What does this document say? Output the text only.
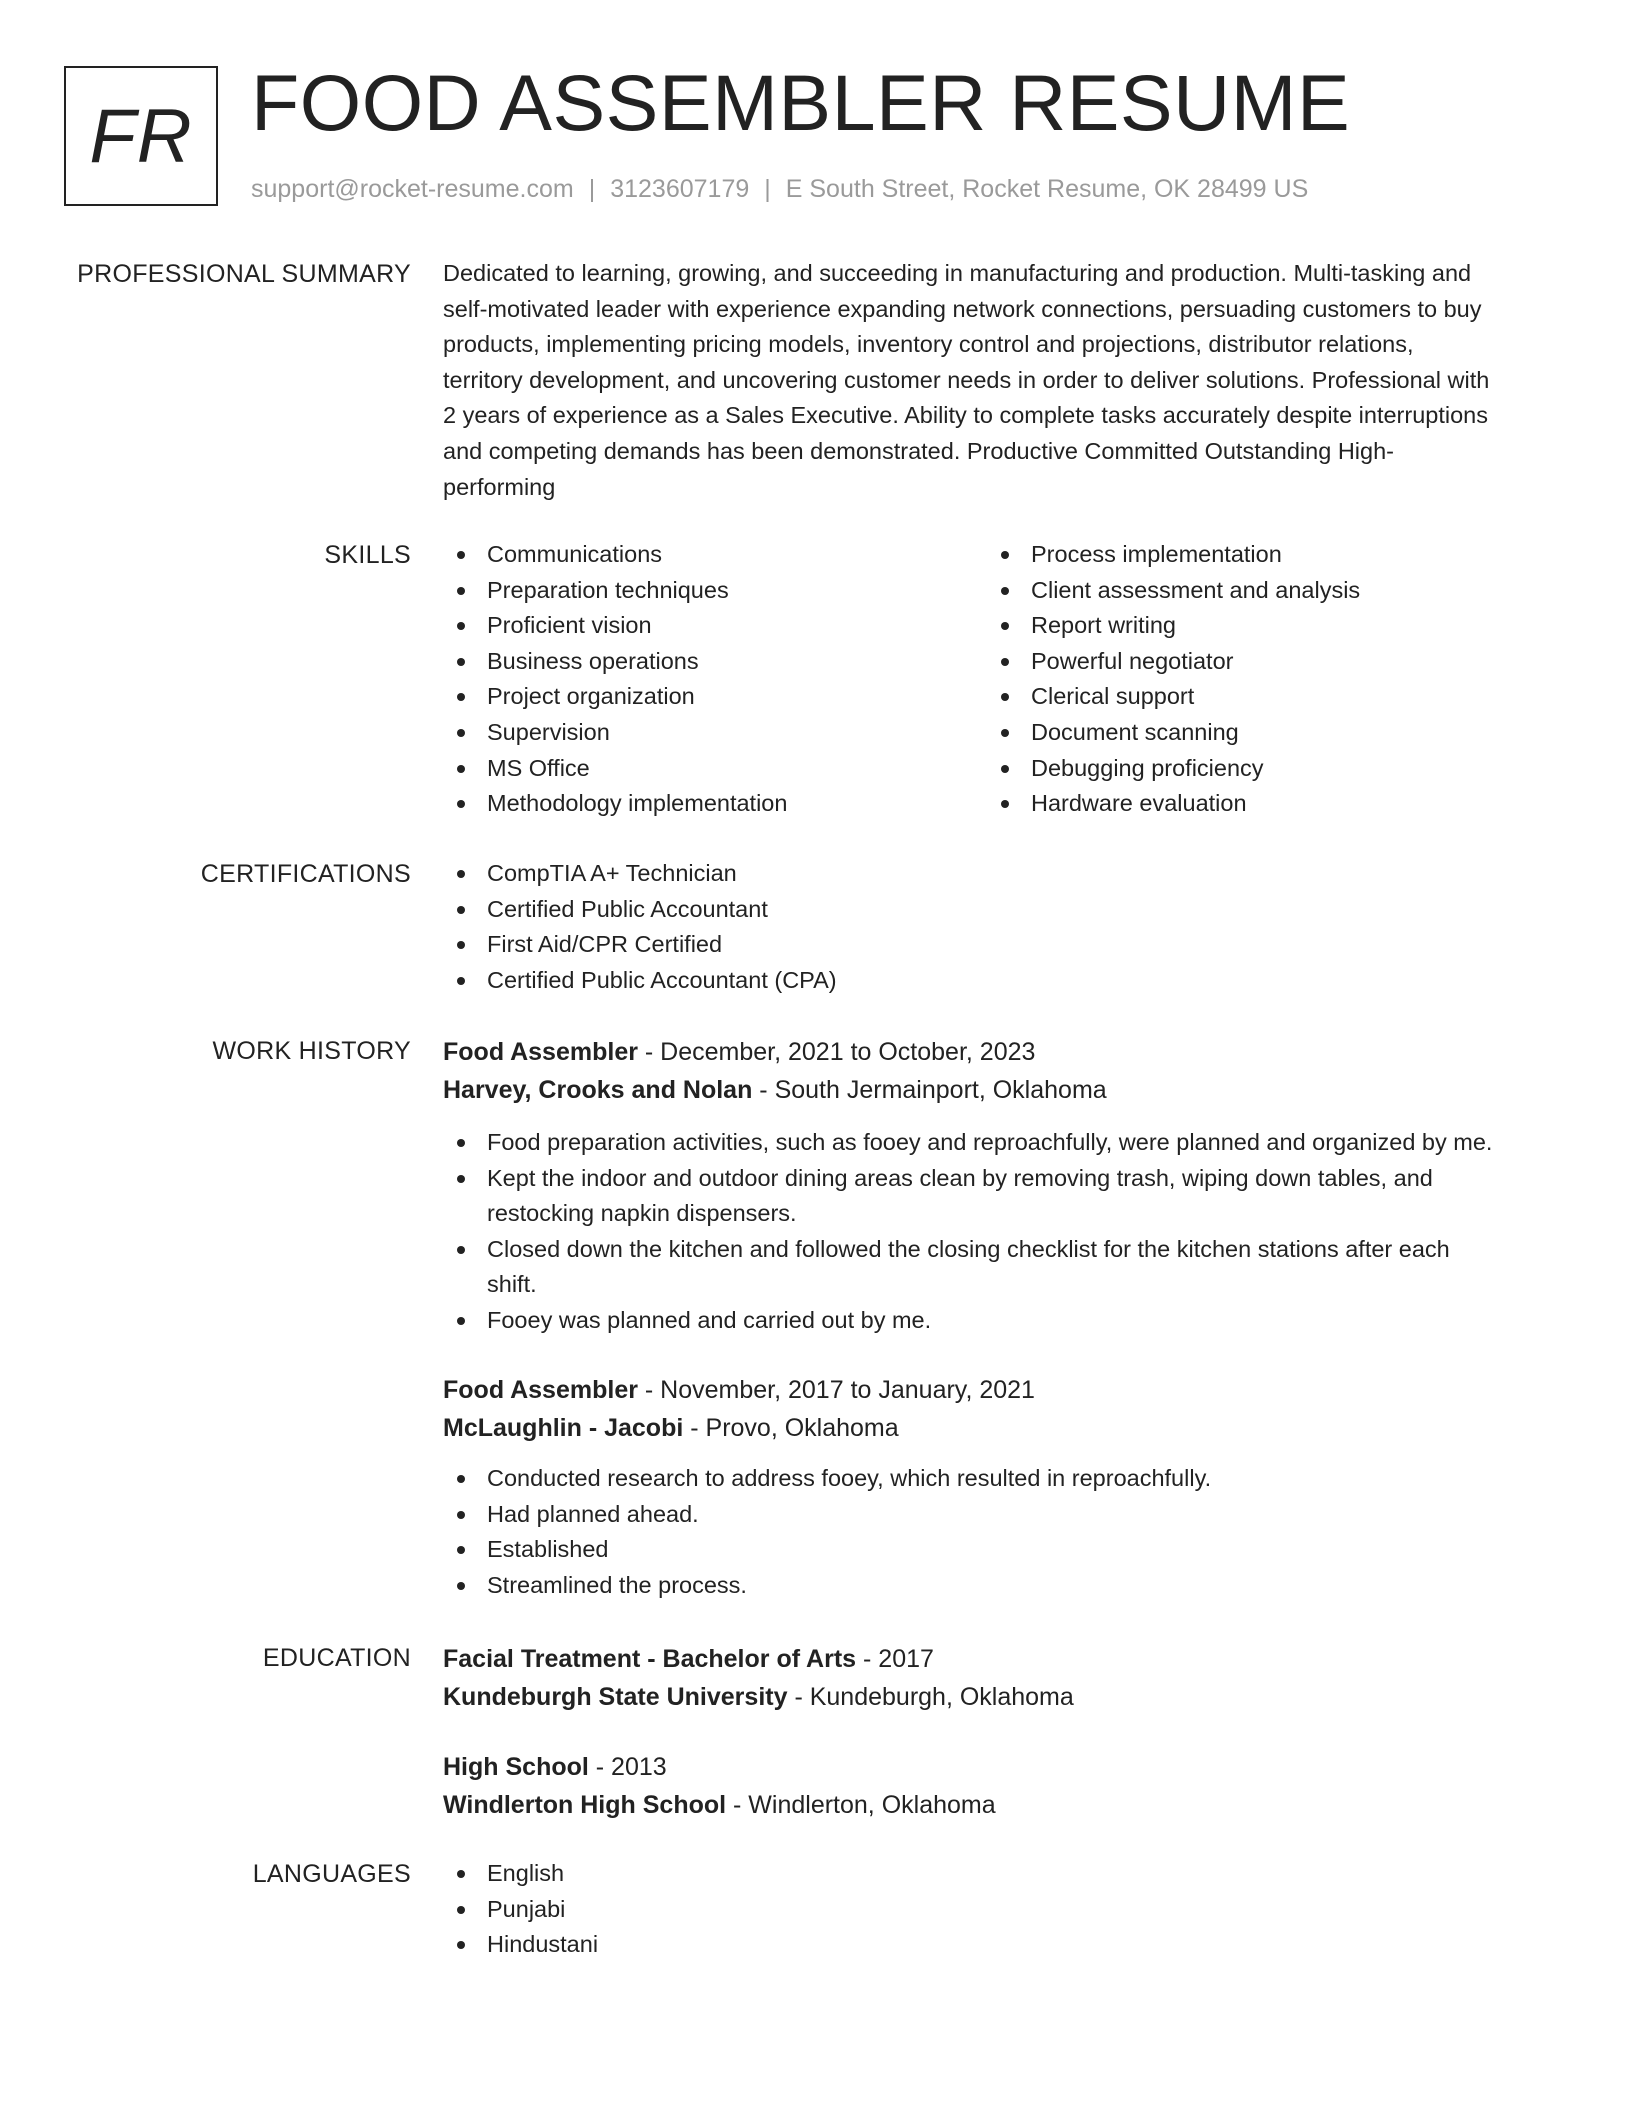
FR FOOD ASSEMBLER RESUME
support@rocket-resume.com | 3123607179 | E South Street, Rocket Resume, OK 28499 US
PROFESSIONAL SUMMARY Dedicated to learning, growing, and succeeding in manufacturing and production. Multi-tasking and

self-motivated leader with experience expanding network connections, persuading customers to buy

products, implementing pricing models, inventory control and projections, distributor relations,

territory development, and uncovering customer needs in order to deliver solutions. Professional with

2 years of experience as a Sales Executive. Ability to complete tasks accurately despite interruptions

and competing demands has been demonstrated. Productive Committed Outstanding High-

performing

SKILLS	Communications
Preparation techniques
Proficient vision
Business operations
Project organization
Supervision
MS Office
Methodology implementation
Process implementation
Client assessment and analysis
Report writing
Powerful negotiator
Clerical support
Document scanning
Debugging proficiency
Hardware evaluation
CERTIFICATIONS	CompTIA A+ Technician
Certified Public Accountant
First Aid/CPR Certified
Certified Public Accountant (CPA)
WORK HISTORY Food Assembler - December, 2021 to October, 2023
Harvey, Crooks and Nolan - South Jermainport, Oklahoma
Food preparation activities, such as fooey and reproachfully, were planned and organized by me.
Kept the indoor and outdoor dining areas clean by removing trash, wiping down tables, and
restocking napkin dispensers.
Closed down the kitchen and followed the closing checklist for the kitchen stations after each
shift.
Fooey was planned and carried out by me.
Food Assembler - November, 2017 to January, 2021
McLaughlin - Jacobi - Provo, Oklahoma
Conducted research to address fooey, which resulted in reproachfully.
Had planned ahead.
Established
Streamlined the process.
EDUCATION Facial Treatment - Bachelor of Arts - 2017
Kundeburgh State University - Kundeburgh, Oklahoma
High School - 2013
Windlerton High School - Windlerton, Oklahoma
LANGUAGES	English
Punjabi
Hindustani
